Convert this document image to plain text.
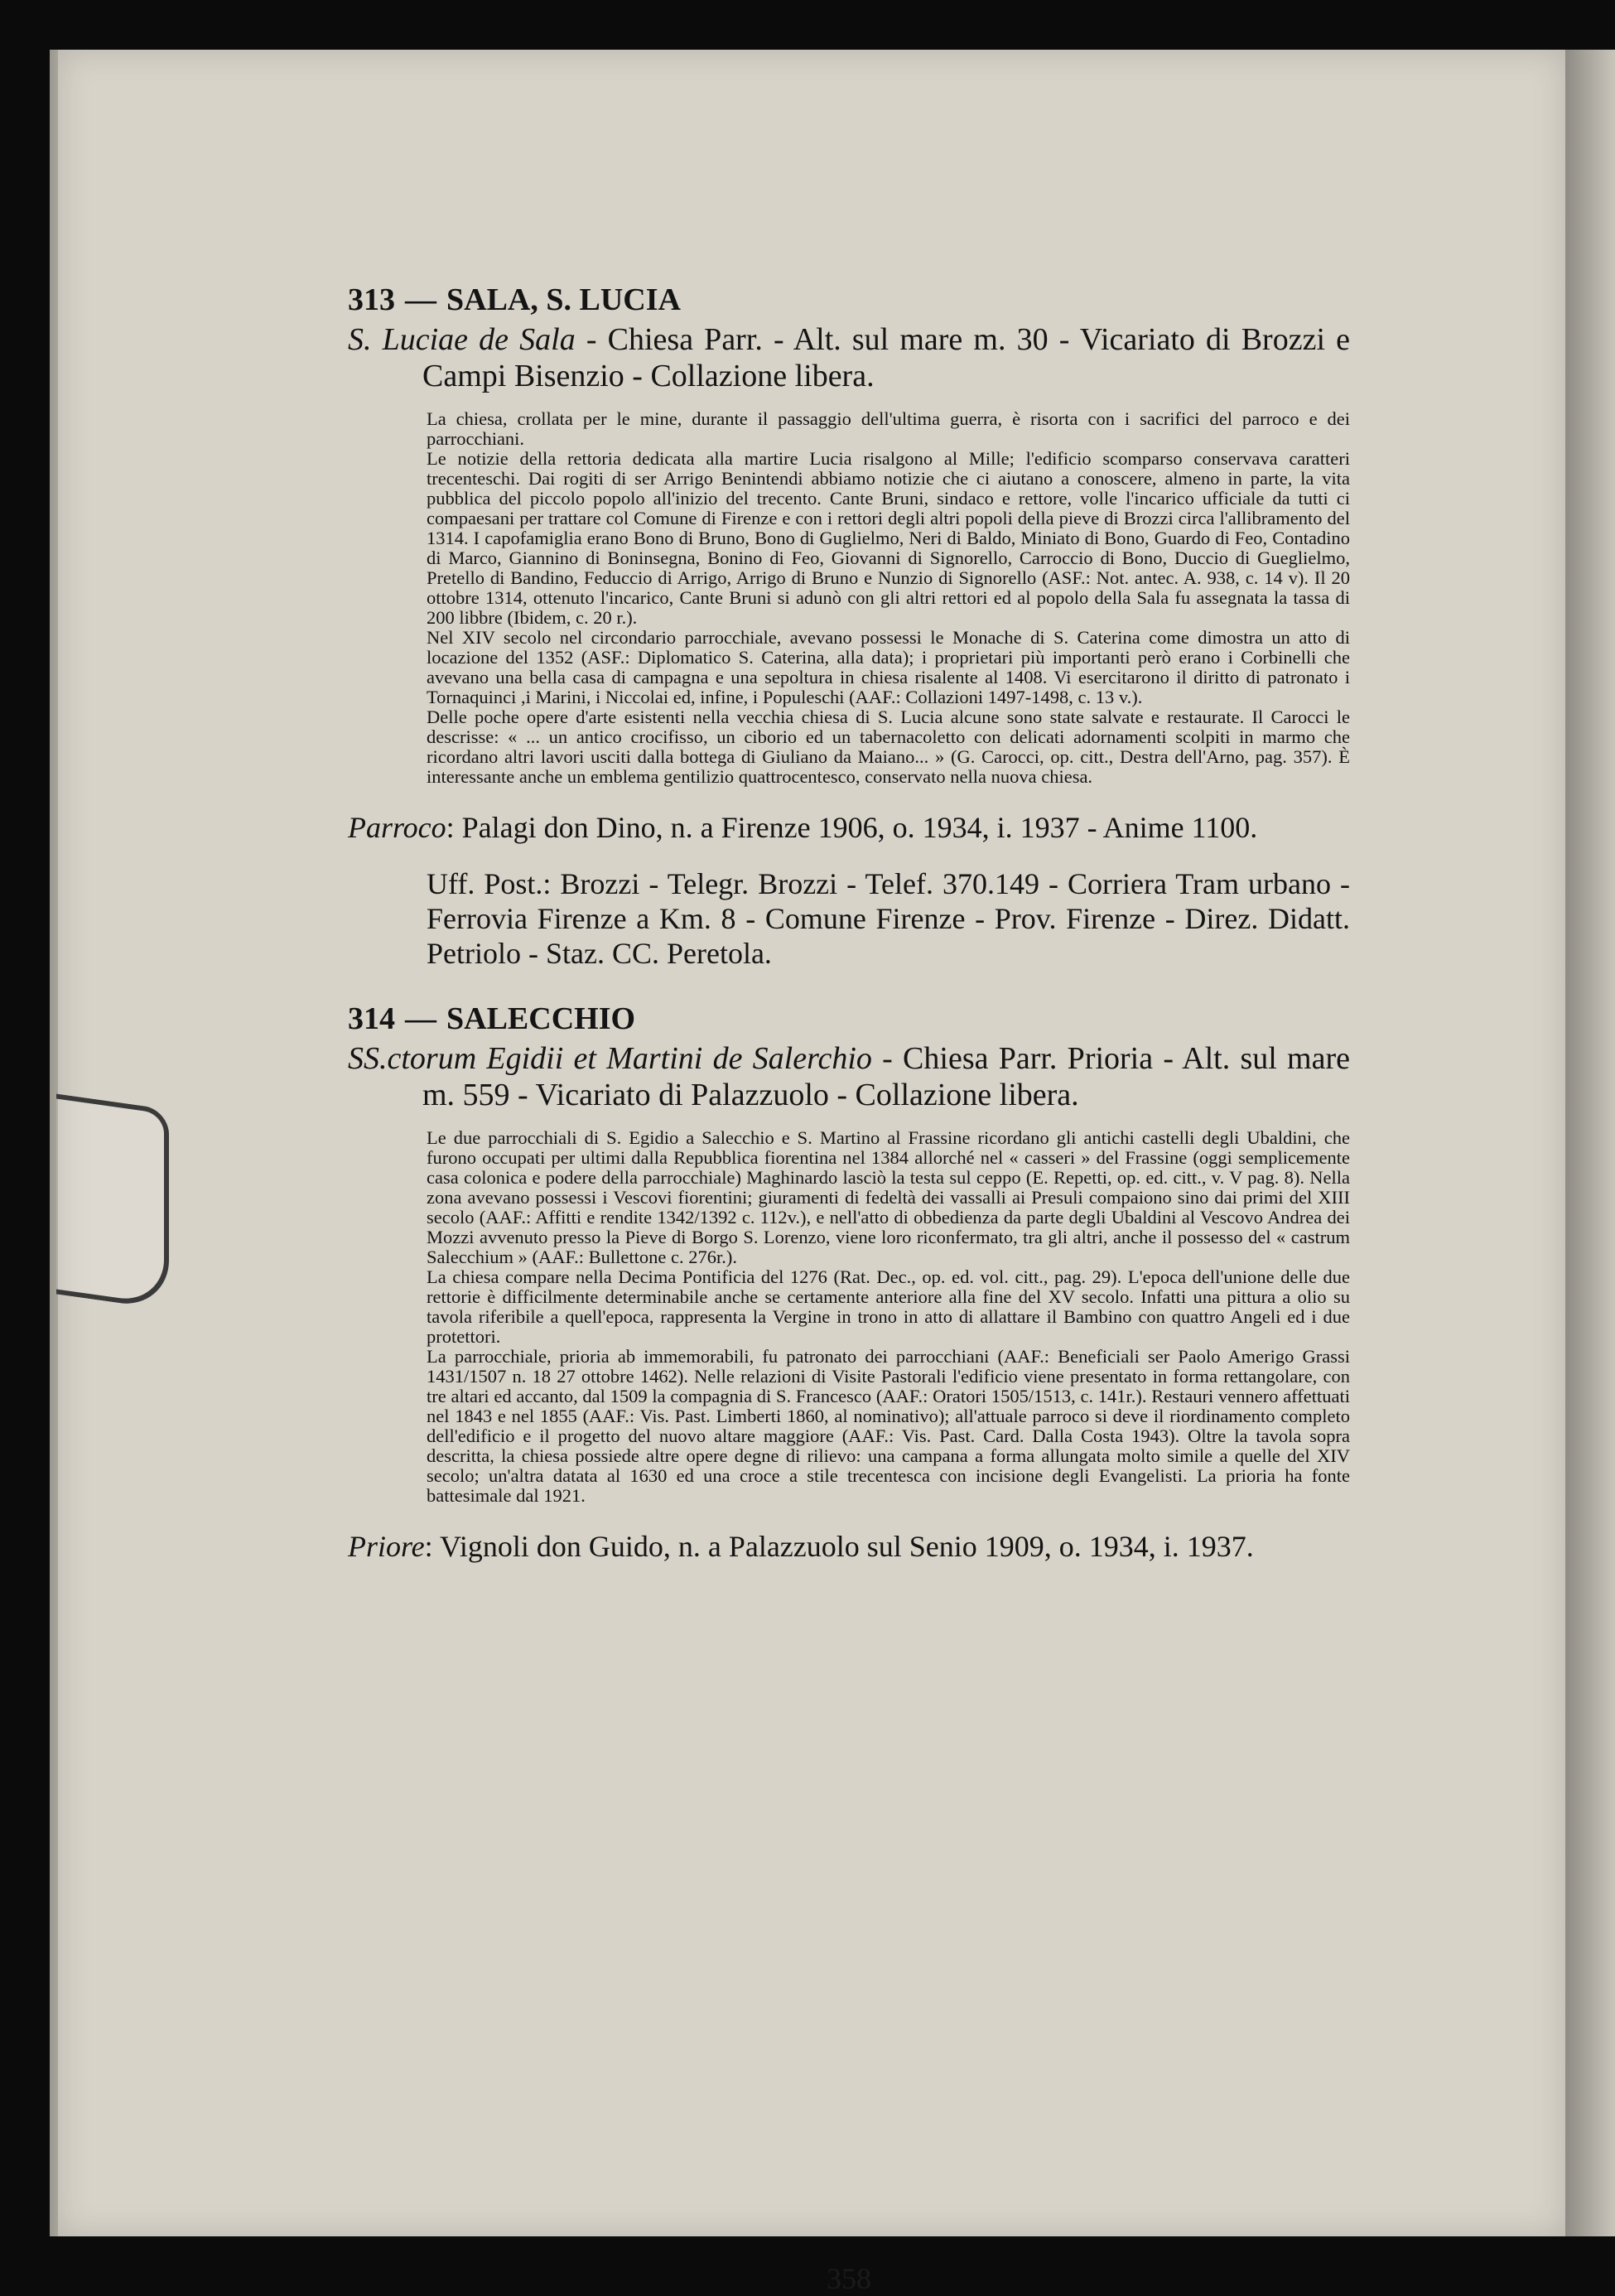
313 — SALA, S. LUCIA
S. Luciae de Sala - Chiesa Parr. - Alt. sul mare m. 30 - Vicariato di Brozzi e Campi Bisenzio - Collazione libera.

La chiesa, crollata per le mine, durante il passaggio dell'ultima guerra, è risorta con i sacrifici del parroco e dei parrocchiani.

Le notizie della rettoria dedicata alla martire Lucia risalgono al Mille; l'edificio scomparso conservava caratteri trecenteschi. Dai rogiti di ser Arrigo Benintendi abbiamo notizie che ci aiutano a conoscere, almeno in parte, la vita pubblica del piccolo popolo all'inizio del trecento. Cante Bruni, sindaco e rettore, volle l'incarico ufficiale da tutti ci compaesani per trattare col Comune di Firenze e con i rettori degli altri popoli della pieve di Brozzi circa l'allibramento del 1314. I capofamiglia erano Bono di Bruno, Bono di Guglielmo, Neri di Baldo, Miniato di Bono, Guardo di Feo, Contadino di Marco, Giannino di Boninsegna, Bonino di Feo, Giovanni di Signorello, Carroccio di Bono, Duccio di Gueglielmo, Pretello di Bandino, Feduccio di Arrigo, Arrigo di Bruno e Nunzio di Signorello (ASF.: Not. antec. A. 938, c. 14 v). Il 20 ottobre 1314, ottenuto l'incarico, Cante Bruni si adunò con gli altri rettori ed al popolo della Sala fu assegnata la tassa di 200 libbre (Ibidem, c. 20 r.).

Nel XIV secolo nel circondario parrocchiale, avevano possessi le Monache di S. Caterina come dimostra un atto di locazione del 1352 (ASF.: Diplomatico S. Caterina, alla data); i proprietari più importanti però erano i Corbinelli che avevano una bella casa di campagna e una sepoltura in chiesa risalente al 1408. Vi esercitarono il diritto di patronato i Tornaquinci ,i Marini, i Niccolai ed, infine, i Populeschi (AAF.: Collazioni 1497-1498, c. 13 v.).

Delle poche opere d'arte esistenti nella vecchia chiesa di S. Lucia alcune sono state salvate e restaurate. Il Carocci le descrisse: « ... un antico crocifisso, un ciborio ed un tabernacoletto con delicati adornamenti scolpiti in marmo che ricordano altri lavori usciti dalla bottega di Giuliano da Maiano... » (G. Carocci, op. citt., Destra dell'Arno, pag. 357). È interessante anche un emblema gentilizio quattrocentesco, conservato nella nuova chiesa.

Parroco: Palagi don Dino, n. a Firenze 1906, o. 1934, i. 1937 - Anime 1100.
Uff. Post.: Brozzi - Telegr. Brozzi - Telef. 370.149 - Corriera Tram urbano - Ferrovia Firenze a Km. 8 - Comune Firenze - Prov. Firenze - Direz. Didatt. Petriolo - Staz. CC. Peretola.
314 — SALECCHIO
SS.ctorum Egidii et Martini de Salerchio - Chiesa Parr. Prioria - Alt. sul mare m. 559 - Vicariato di Palazzuolo - Collazione libera.

Le due parrocchiali di S. Egidio a Salecchio e S. Martino al Frassine ricordano gli antichi castelli degli Ubaldini, che furono occupati per ultimi dalla Repubblica fiorentina nel 1384 allorché nel « casseri » del Frassine (oggi semplicemente casa colonica e podere della parrocchiale) Maghinardo lasciò la testa sul ceppo (E. Repetti, op. ed. citt., v. V pag. 8). Nella zona avevano possessi i Vescovi fiorentini; giuramenti di fedeltà dei vassalli ai Presuli compaiono sino dai primi del XIII secolo (AAF.: Affitti e rendite 1342/1392 c. 112v.), e nell'atto di obbedienza da parte degli Ubaldini al Vescovo Andrea dei Mozzi avvenuto presso la Pieve di Borgo S. Lorenzo, viene loro riconfermato, tra gli altri, anche il possesso del « castrum Salecchium » (AAF.: Bullettone c. 276r.).

La chiesa compare nella Decima Pontificia del 1276 (Rat. Dec., op. ed. vol. citt., pag. 29). L'epoca dell'unione delle due rettorie è difficilmente determinabile anche se certamente anteriore alla fine del XV secolo. Infatti una pittura a olio su tavola riferibile a quell'epoca, rappresenta la Vergine in trono in atto di allattare il Bambino con quattro Angeli ed i due protettori.

La parrocchiale, prioria ab immemorabili, fu patronato dei parrocchiani (AAF.: Beneficiali ser Paolo Amerigo Grassi 1431/1507 n. 18 27 ottobre 1462). Nelle relazioni di Visite Pastorali l'edificio viene presentato in forma rettangolare, con tre altari ed accanto, dal 1509 la compagnia di S. Francesco (AAF.: Oratori 1505/1513, c. 141r.). Restauri vennero affettuati nel 1843 e nel 1855 (AAF.: Vis. Past. Limberti 1860, al nominativo); all'attuale parroco si deve il riordinamento completo dell'edificio e il progetto del nuovo altare maggiore (AAF.: Vis. Past. Card. Dalla Costa 1943). Oltre la tavola sopra descritta, la chiesa possiede altre opere degne di rilievo: una campana a forma allungata molto simile a quelle del XIV secolo; un'altra datata al 1630 ed una croce a stile trecentesca con incisione degli Evangelisti. La prioria ha fonte battesimale dal 1921.

Priore: Vignoli don Guido, n. a Palazzuolo sul Senio 1909, o. 1934, i. 1937.
358
